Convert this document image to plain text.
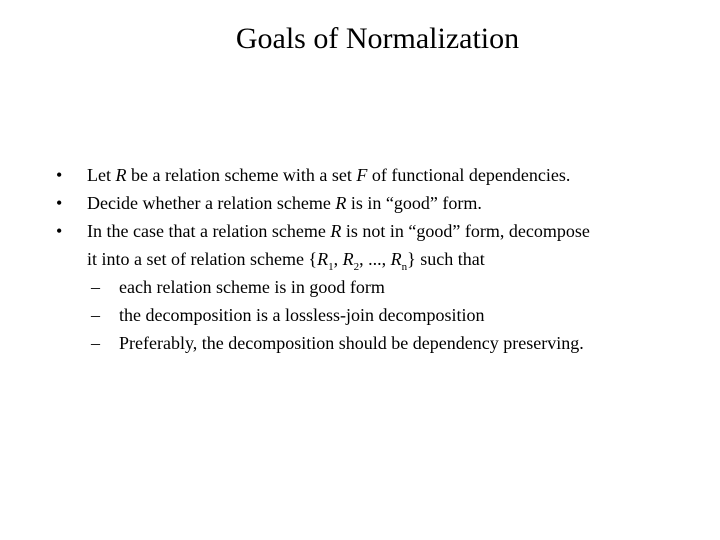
Goals of Normalization
• Let R be a relation scheme with a set F of functional dependencies.
• Decide whether a relation scheme R is in “good” form.
• In the case that a relation scheme R is not in “good” form, decompose
it into a set of relation scheme {$R_1$, $R_2$, ..., $R_n$} such that
– each relation scheme is in good form
– the decomposition is a lossless-join decomposition
– Preferably, the decomposition should be dependency preserving.
